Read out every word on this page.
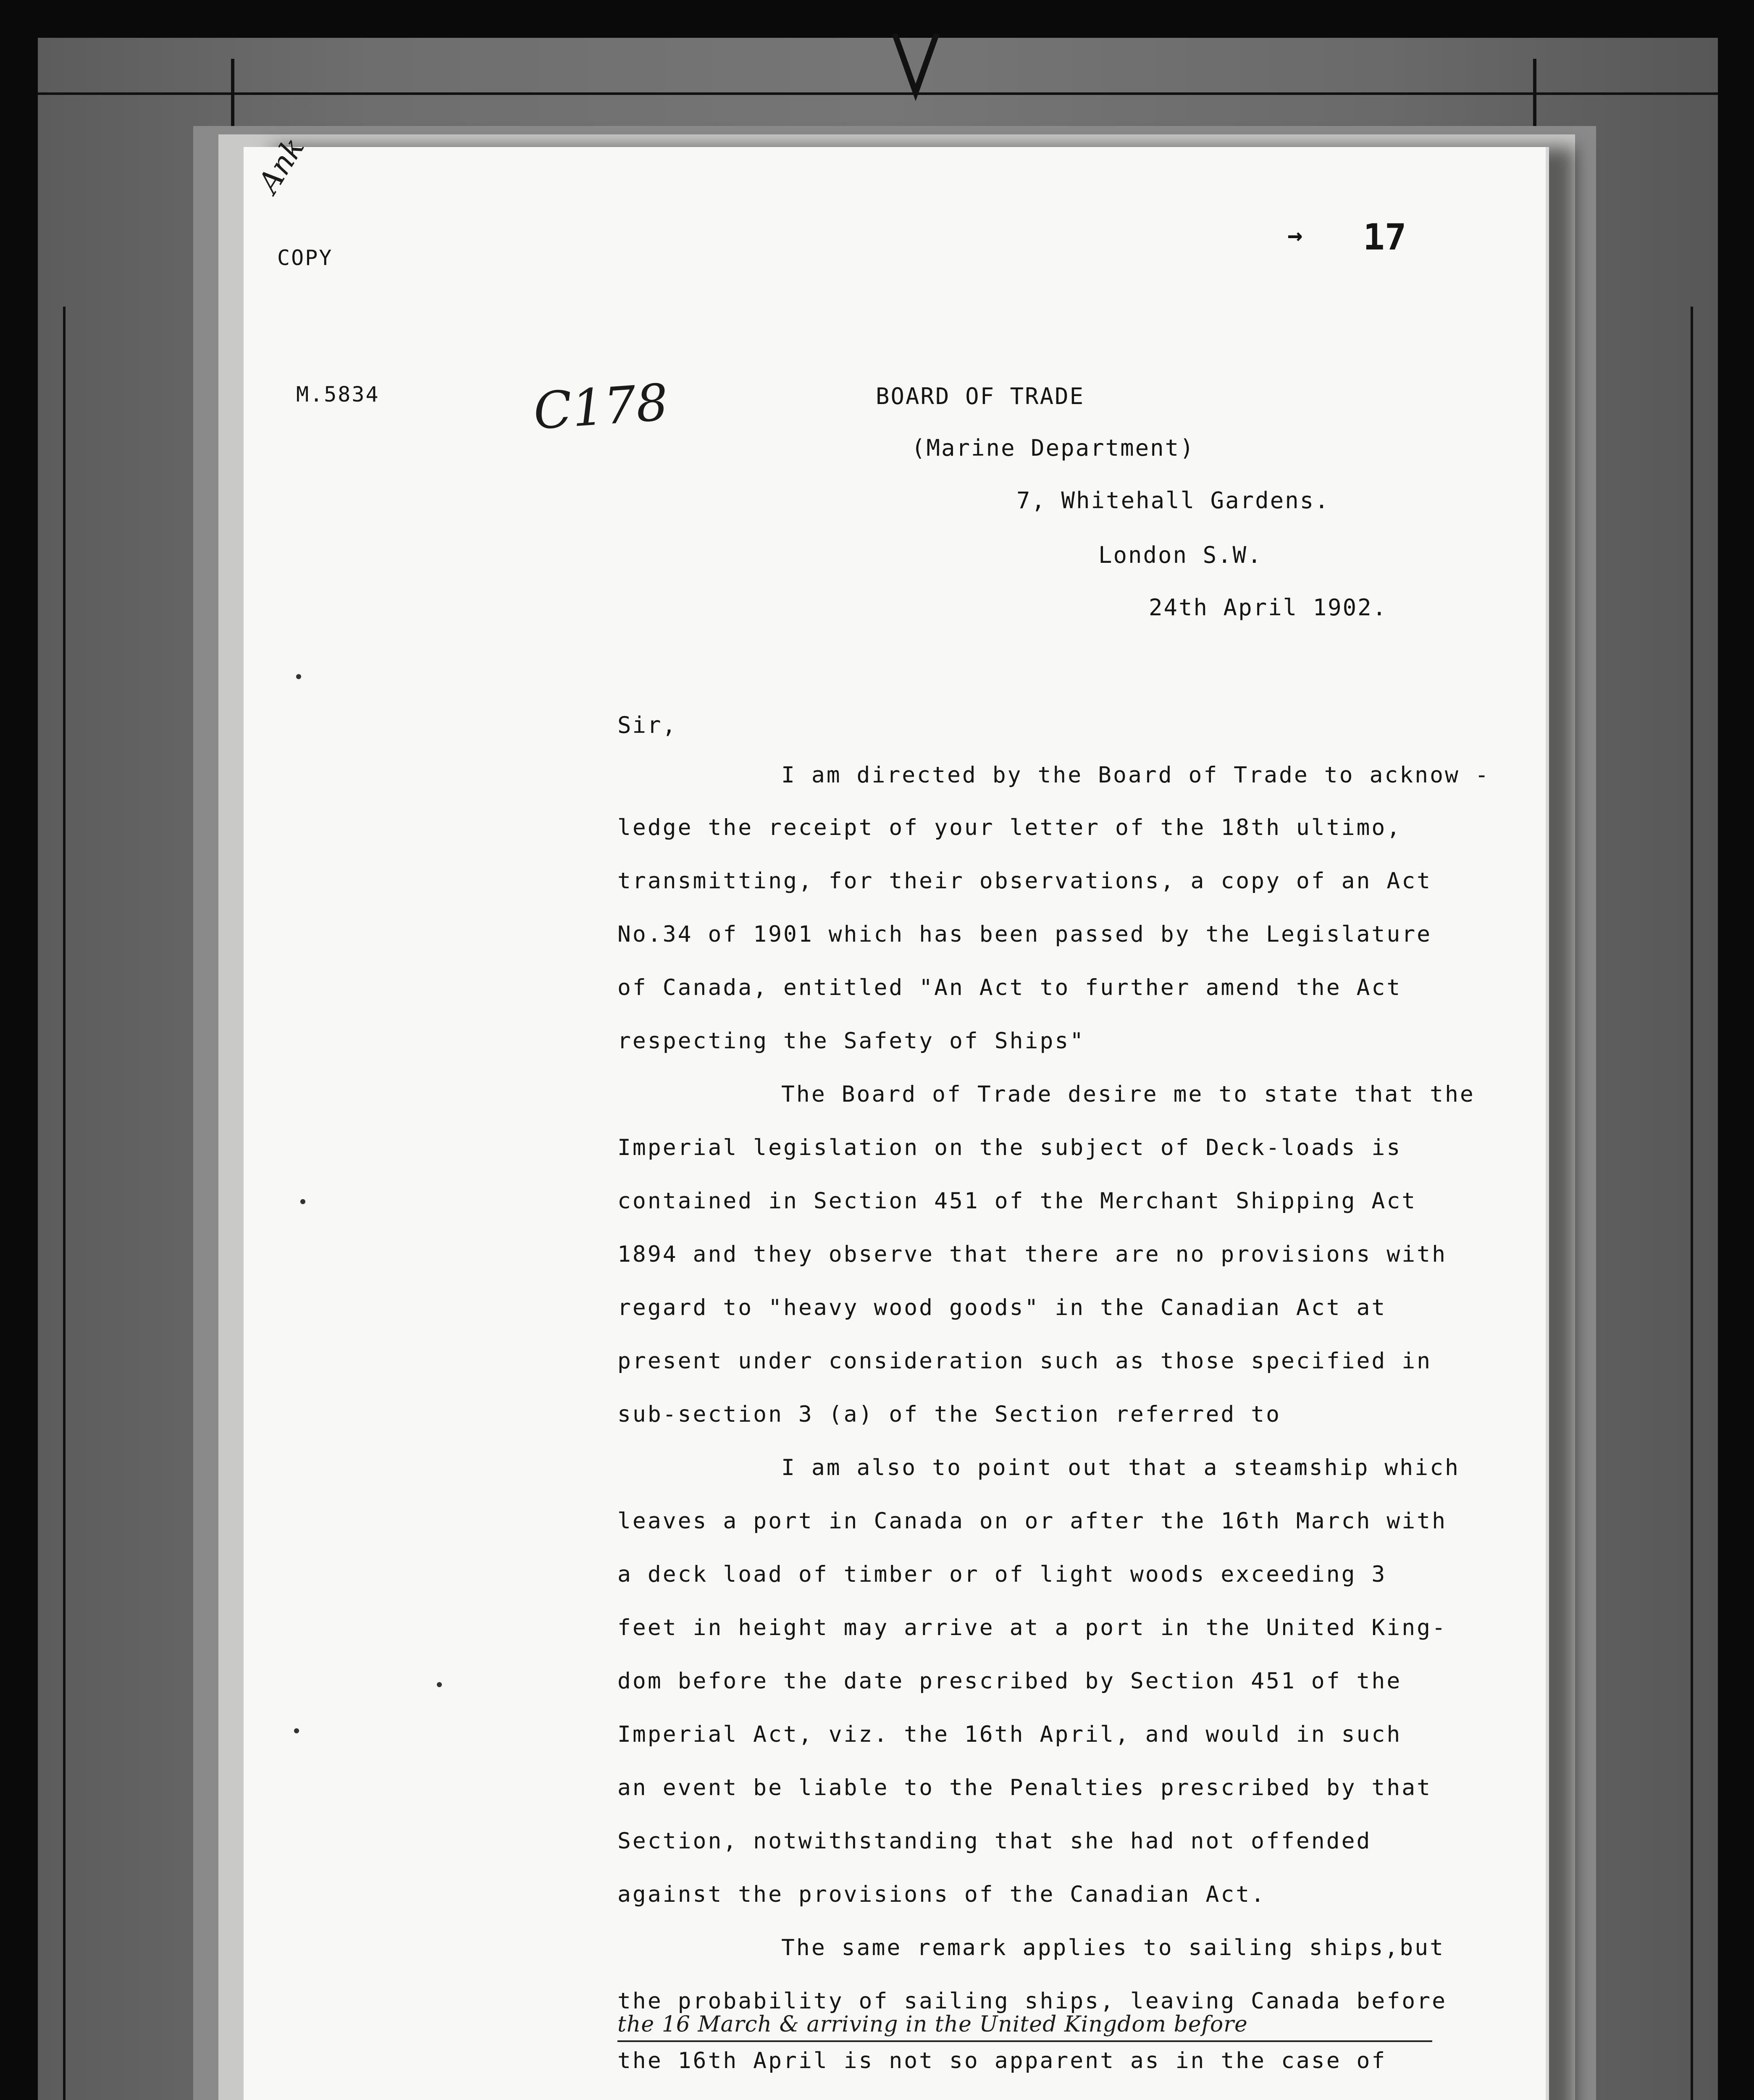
Ank
COPY
→ 17
M.5834	C178	BOARD OF TRADE
(Marine Department)
7, Whitehall Gardens.
London S.W.
24th April 1902.
Sir,
I am directed by the Board of Trade to acknow -
ledge the receipt of your letter of the 18th ultimo,
transmitting, for their observations, a copy of an Act
No.34 of 1901 which has been passed by the Legislature
of Canada, entitled "An Act to further amend the Act
respecting the Safety of Ships"
The Board of Trade desire me to state that the
Imperial legislation on the subject of Deck-loads is
contained in Section 451 of the Merchant Shipping Act
1894 and they observe that there are no provisions with
regard to "heavy wood goods" in the Canadian Act at
present under consideration such as those specified in
sub-section 3 (a) of the Section referred to
I am also to point out that a steamship which
leaves a port in Canada on or after the 16th March with
a deck load of timber or of light woods exceeding 3
feet in height may arrive at a port in the United King-
dom before the date prescribed by Section 451 of the
Imperial Act, viz. the 16th April, and would in such
an event be liable to the Penalties prescribed by that
Section, notwithstanding that she had not offended
against the provisions of the Canadian Act.
The same remark applies to sailing ships,but
the probability of sailing ships, leaving Canada before
the 16 March & arriving in the United Kingdom before
the 16th April is not so apparent as in the case of
